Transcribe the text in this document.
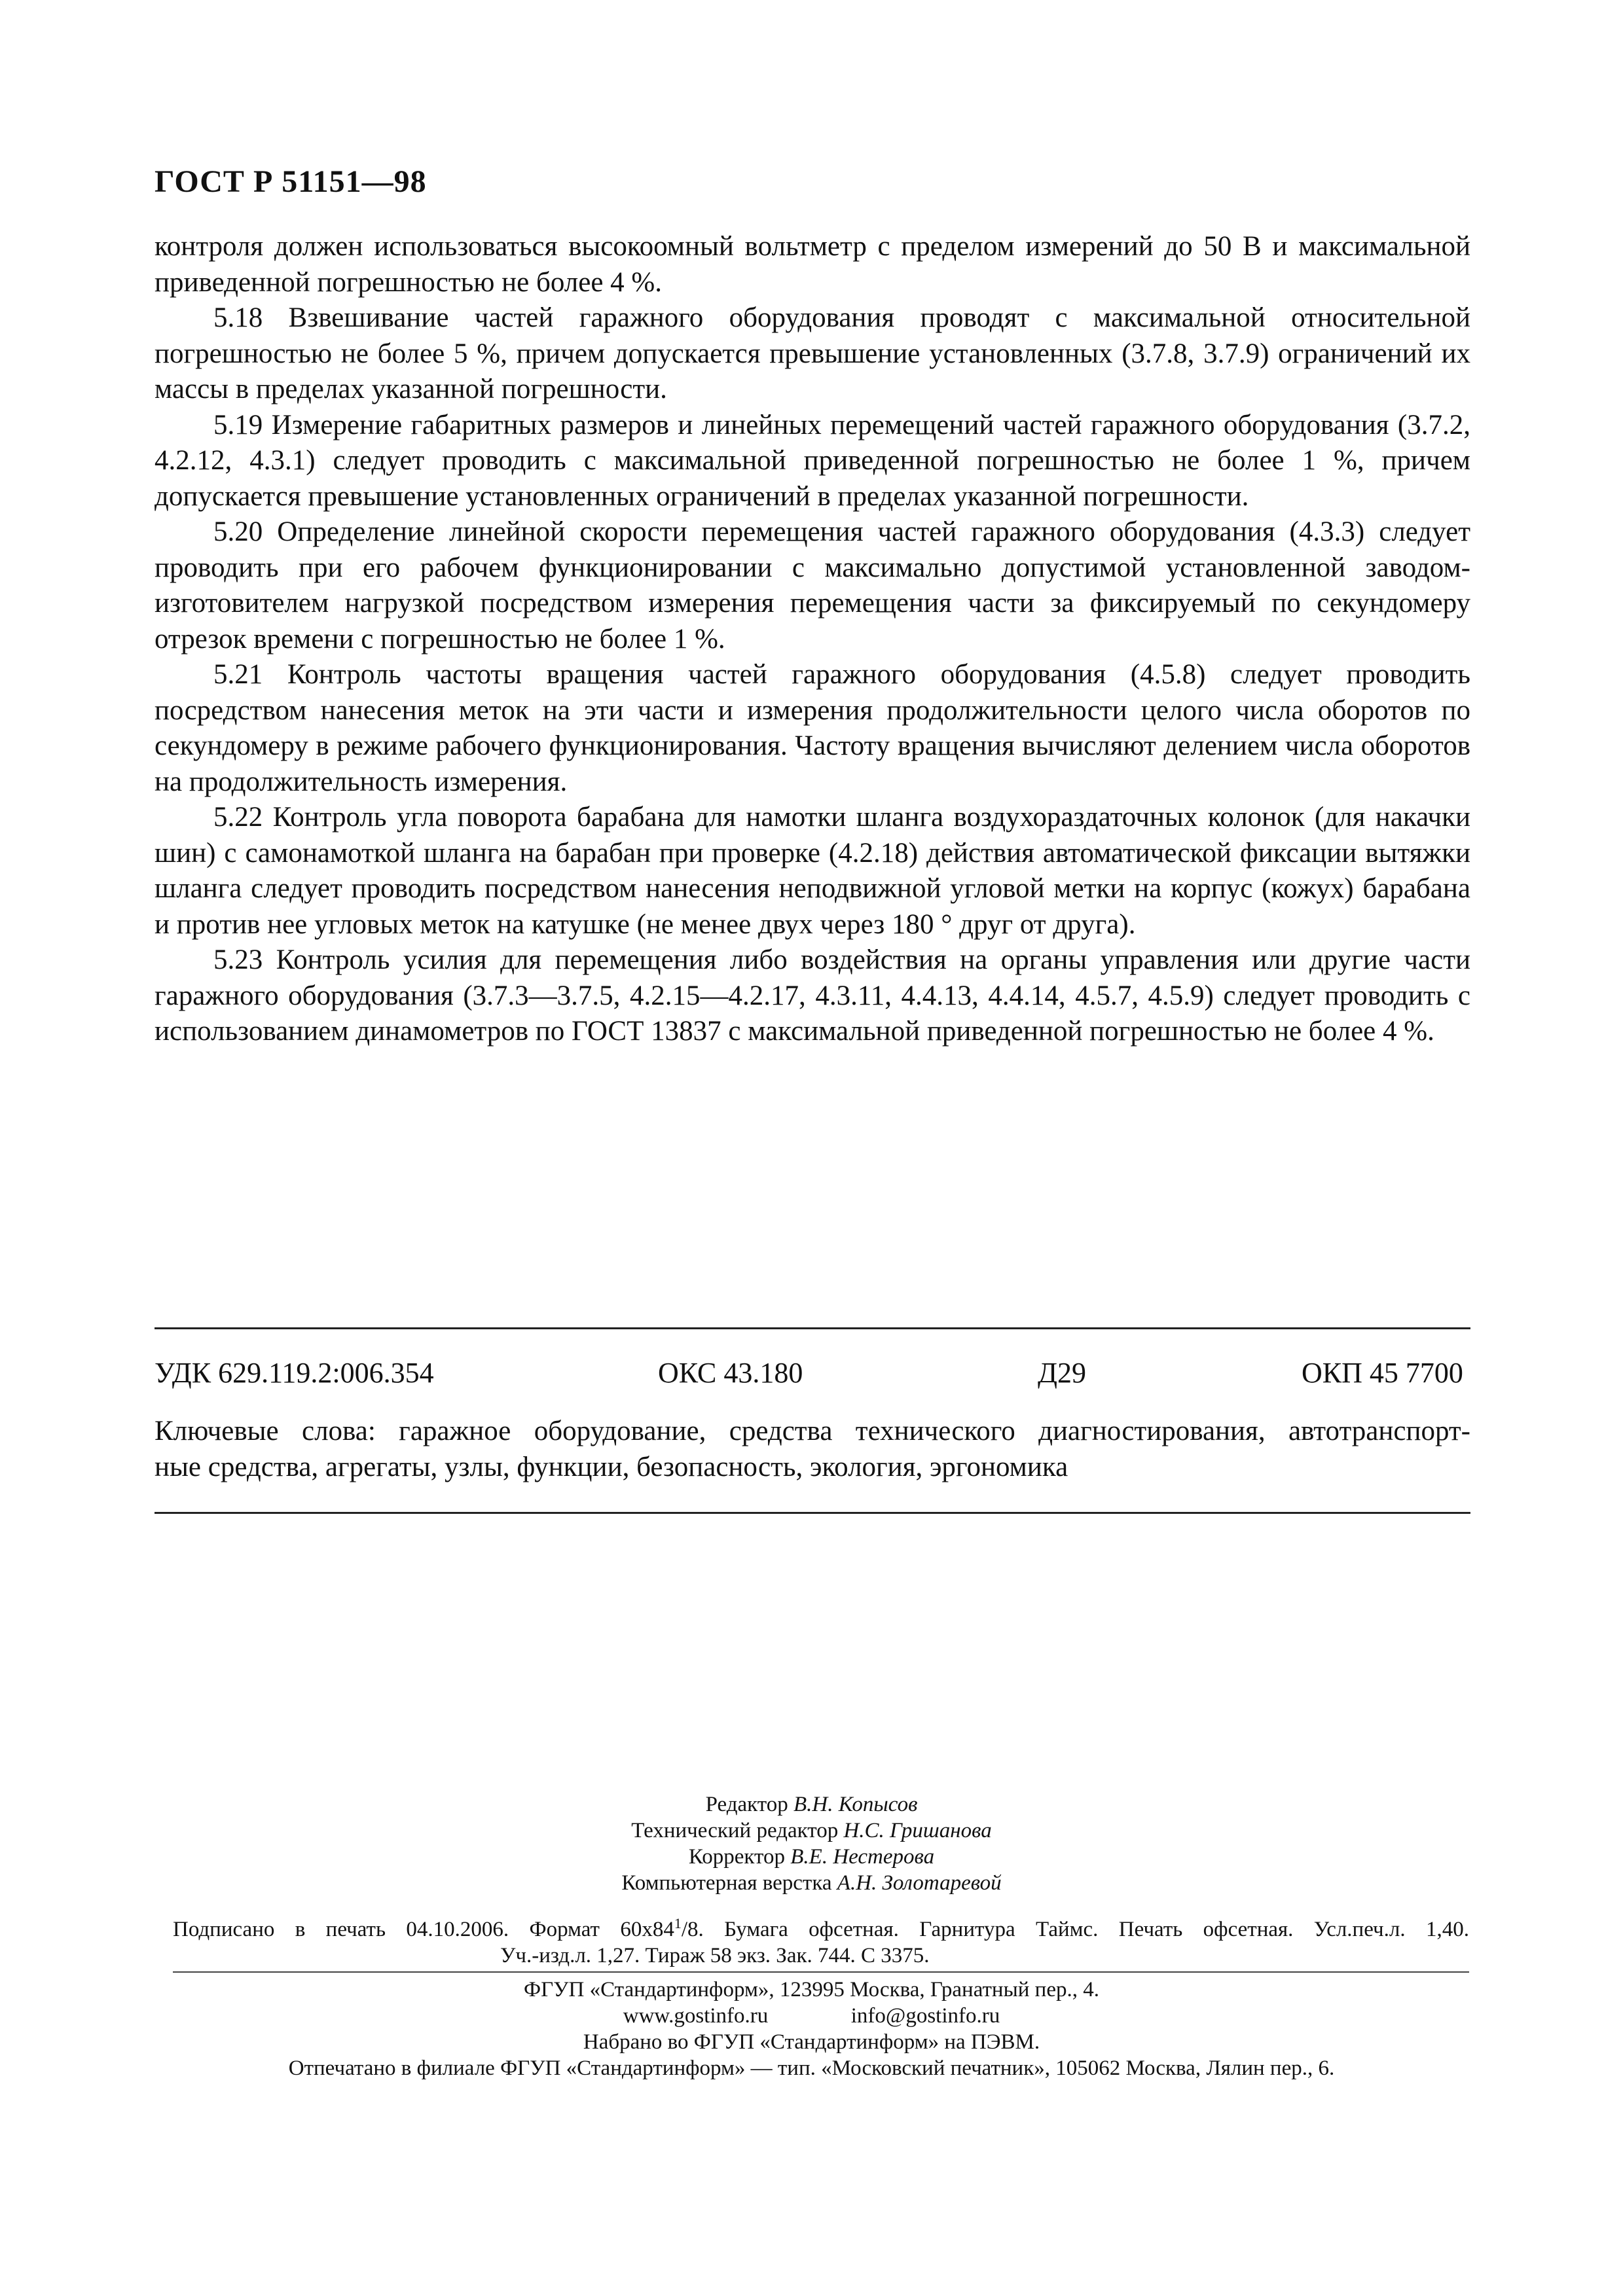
ГОСТ Р 51151—98

контроля должен использоваться высокоомный вольтметр с пределом измерений до 50 В и максимальной приведенной погрешностью не более 4 %.

5.18 Взвешивание частей гаражного оборудования проводят с максимальной относительной погрешностью не более 5 %, причем допускается превышение установленных (3.7.8, 3.7.9) ограничений их массы в пределах указанной погрешности.

5.19 Измерение габаритных размеров и линейных перемещений частей гаражного оборудования (3.7.2, 4.2.12, 4.3.1) следует проводить с максимальной приведенной погрешностью не более 1 %, причем допускается превышение установленных ограничений в пределах указанной погрешности.

5.20 Определение линейной скорости перемещения частей гаражного оборудования (4.3.3) следует проводить при его рабочем функционировании с максимально допустимой установленной заводом-изготовителем нагрузкой посредством измерения перемещения части за фиксируемый по секундомеру отрезок времени с погрешностью не более 1 %.

5.21 Контроль частоты вращения частей гаражного оборудования (4.5.8) следует проводить посредством нанесения меток на эти части и измерения продолжительности целого числа оборотов по секундомеру в режиме рабочего функционирования. Частоту вращения вычисляют делением числа оборотов на продолжительность измерения.

5.22 Контроль угла поворота барабана для намотки шланга воздухораздаточных колонок (для накачки шин) с самонамоткой шланга на барабан при проверке (4.2.18) действия автоматической фиксации вытяжки шланга следует проводить посредством нанесения неподвижной угловой метки на корпус (кожух) барабана и против нее угловых меток на катушке (не менее двух через 180 ° друг от друга).

5.23 Контроль усилия для перемещения либо воздействия на органы управления или другие части гаражного оборудования (3.7.3—3.7.5, 4.2.15—4.2.17, 4.3.11, 4.4.13, 4.4.14, 4.5.7, 4.5.9) следует проводить с использованием динамометров по ГОСТ 13837 с максимальной приведенной погрешностью не более 4 %.

УДК 629.119.2:006.354	ОКС 43.180	Д29	ОКП 45 7700
Ключевые слова: гаражное оборудование, средства технического диагностирования, автотранспорт-
ные средства, агрегаты, узлы, функции, безопасность, экология, эргономика
Редактор В.Н. Копысов
Технический редактор Н.С. Гришанова
Корректор В.Е. Нестерова
Компьютерная верстка А.Н. Золотаревой
Подписано в печать 04.10.2006. Формат $60х84^1/8$. Бумага офсетная. Гарнитура Таймс. Печать офсетная. Усл.печ.л. 1,40.
Уч.-изд.л. 1,27. Тираж 58 экз. Зак. 744. С 3375.
ФГУП «Стандартинформ», 123995 Москва, Гранатный пер., 4.
www.gostinfo.ru	info@gostinfo.ru
Набрано во ФГУП «Стандартинформ» на ПЭВМ.
Отпечатано в филиале ФГУП «Стандартинформ» — тип. «Московский печатник», 105062 Москва, Лялин пер., 6.
